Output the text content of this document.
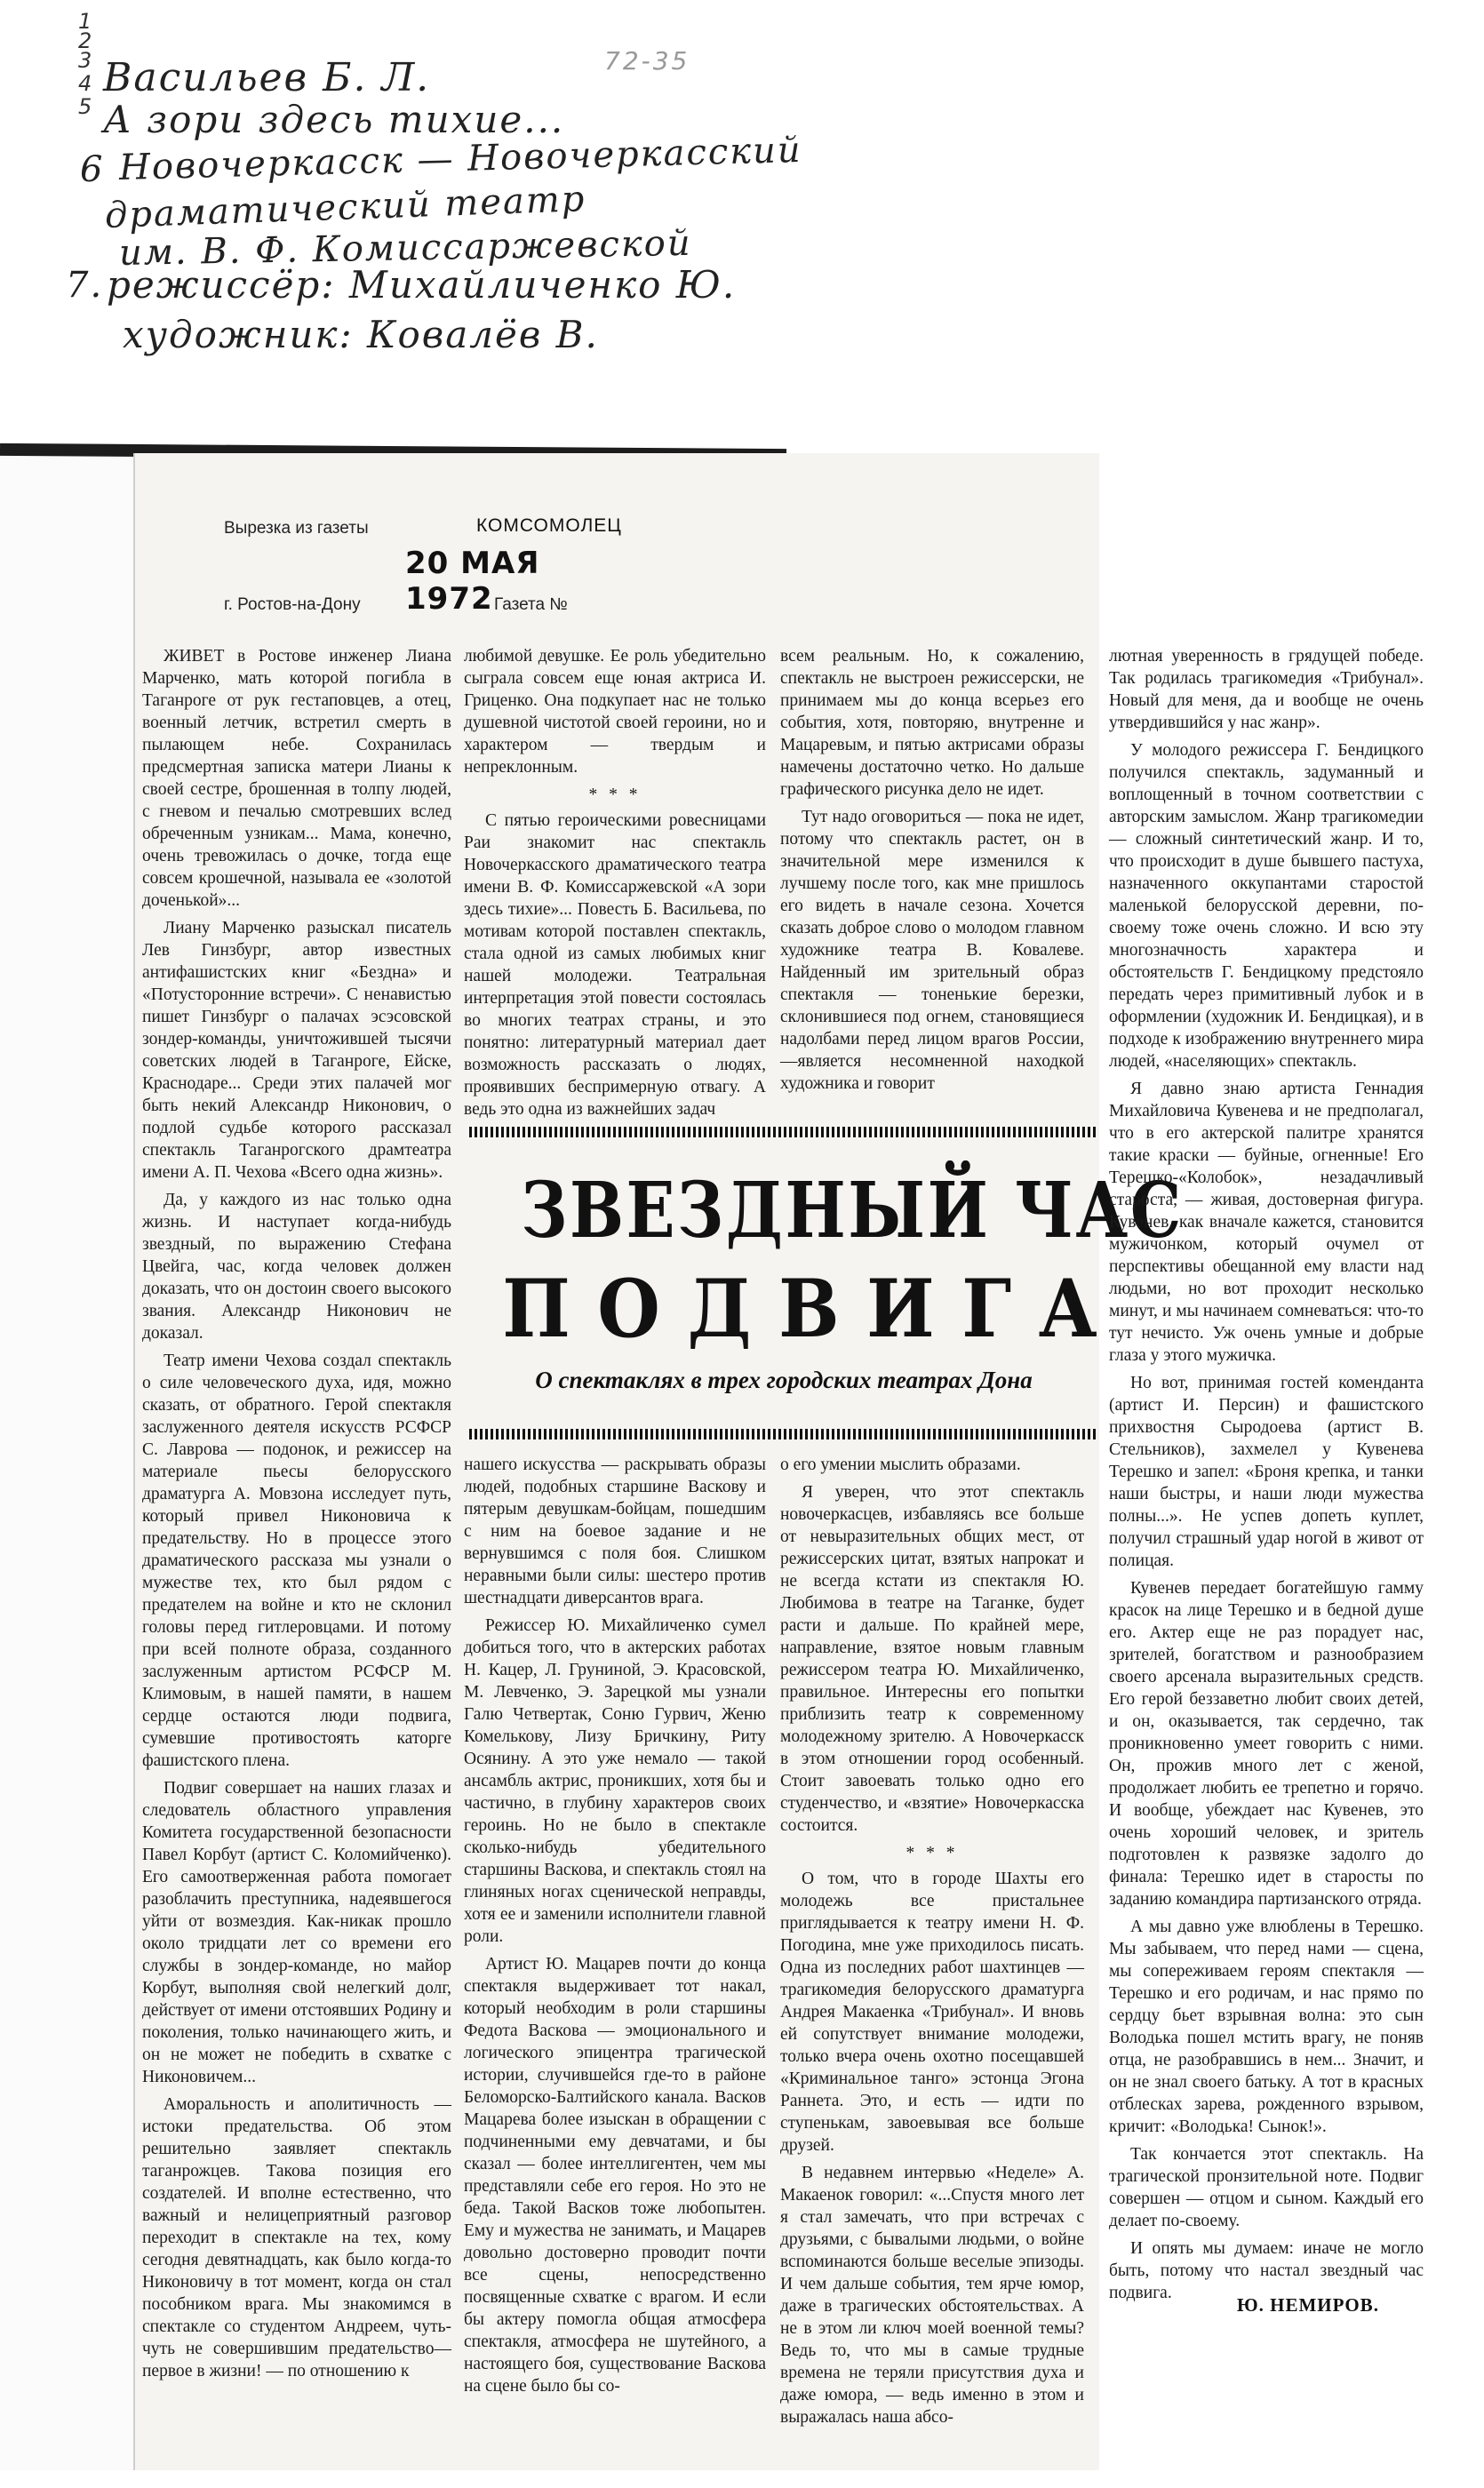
1
2
3
4
5
72-35
Васильев Б. Л.
А зори здесь тихие...
6 Новочеркасск — Новочеркасский
драматический театр
им. В. Ф. Комиссаржевской
7. режиссёр: Михайличенко Ю.
художник: Ковалёв В.
Вырезка из газеты	КОМСОМОЛЕЦ
20 МАЯ 1972
г. Ростов-на-Дону	Газета №

ЖИВЕТ в Ростове инженер Лиана Марченко, мать которой погибла в Таганроге от рук гестаповцев, а отец, военный летчик, встретил смерть в пылающем небе. Сохранилась предсмертная записка матери Лианы к своей сестре, брошенная в толпу людей, с гневом и печалью смотревших вслед обреченным узникам... Мама, конечно, очень тревожилась о дочке, тогда еще совсем крошечной, называла ее «золотой доченькой»...

Лиану Марченко разыскал писатель Лев Гинзбург, автор известных антифашистских книг «Бездна» и «Потусторонние встречи». С ненавистью пишет Гинзбург о палачах эсэсовской зондер-команды, уничтожившей тысячи советских людей в Таганроге, Ейске, Краснодаре... Среди этих палачей мог быть некий Александр Никонович, о подлой судьбе которого рассказал спектакль Таганрогского драмтеатра имени А. П. Чехова «Всего одна жизнь».

Да, у каждого из нас только одна жизнь. И наступает когда-нибудь звездный, по выражению Стефана Цвейга, час, когда человек должен доказать, что он достоин своего высокого звания. Александр Никонович не доказал.

Театр имени Чехова создал спектакль о силе человеческого духа, идя, можно сказать, от обратного. Герой спектакля заслуженного деятеля искусств РСФСР С. Лаврова — подонок, и режиссер на материале пьесы белорусского драматурга А. Мовзона исследует путь, который привел Никоновича к предательству. Но в процессе этого драматического рассказа мы узнали о мужестве тех, кто был рядом с предателем на войне и кто не склонил головы перед гитлеровцами. И потому при всей полноте образа, созданного заслуженным артистом РСФСР М. Климовым, в нашей памяти, в нашем сердце остаются люди подвига, сумевшие противостоять каторге фашистского плена.

Подвиг совершает на наших глазах и следователь областного управления Комитета государственной безопасности Павел Корбут (артист С. Коломийченко). Его самоотверженная работа помогает разоблачить преступника, надеявшегося уйти от возмездия. Как-никак прошло около тридцати лет со времени его службы в зондер-команде, но майор Корбут, выполняя свой нелегкий долг, действует от имени отстоявших Родину и поколения, только начинающего жить, и он не может не победить в схватке с Никоновичем...

Аморальность и аполитичность — истоки предательства. Об этом решительно заявляет спектакль таганрожцев. Такова позиция его создателей. И вполне естественно, что важный и нелицеприятный разговор переходит в спектакле на тех, кому сегодня девятнадцать, как было когда-то Никоновичу в тот момент, когда он стал пособником врага. Мы знакомимся в спектакле со студентом Андреем, чуть-чуть не совершившим предательство—первое в жизни! — по отношению к

любимой девушке. Ее роль убедительно сыграла совсем еще юная актриса И. Гриценко. Она подкупает нас не только душевной чистотой своей героини, но и характером — твердым и непреклонным.

* * *

С пятью героическими ровесницами Раи знакомит нас спектакль Новочеркасского драматического театра имени В. Ф. Комиссаржевской «А зори здесь тихие»... Повесть Б. Васильева, по мотивам которой поставлен спектакль, стала одной из самых любимых книг нашей молодежи. Театральная интерпретация этой повести состоялась во многих театрах страны, и это понятно: литературный материал дает возможность рассказать о людях, проявивших беспримерную отвагу. А ведь это одна из важнейших задач

всем реальным. Но, к сожалению, спектакль не выстроен режиссерски, не принимаем мы до конца всерьез его события, хотя, повторяю, внутренне и Мацаревым, и пятью актрисами образы намечены достаточно четко. Но дальше графического рисунка дело не идет.

Тут надо оговориться — пока не идет, потому что спектакль растет, он в значительной мере изменился к лучшему после того, как мне пришлось его видеть в начале сезона. Хочется сказать доброе слово о молодом главном художнике театра В. Ковалеве. Найденный им зрительный образ спектакля — тоненькие березки, склонившиеся под огнем, становящиеся надолбами перед лицом врагов России,—является несомненной находкой художника и говорит

ЗВЕЗДНЫЙ ЧАС
ПОДВИГА
О спектаклях в трех городских театрах Дона

нашего искусства — раскрывать образы людей, подобных старшине Васкову и пятерым девушкам-бойцам, пошедшим с ним на боевое задание и не вернувшимся с поля боя. Слишком неравными были силы: шестеро против шестнадцати диверсантов врага.

Режиссер Ю. Михайличенко сумел добиться того, что в актерских работах Н. Кацер, Л. Груниной, Э. Красовской, М. Левченко, Э. Зарецкой мы узнали Галю Четвертак, Соню Гурвич, Женю Комелькову, Лизу Бричкину, Риту Осянину. А это уже немало — такой ансамбль актрис, проникших, хотя бы и частично, в глубину характеров своих героинь. Но не было в спектакле сколько-нибудь убедительного старшины Васкова, и спектакль стоял на глиняных ногах сценической неправды, хотя ее и заменили исполнители главной роли.

Артист Ю. Мацарев почти до конца спектакля выдерживает тот накал, который необходим в роли старшины Федота Васкова — эмоционального и логического эпицентра трагической истории, случившейся где-то в районе Беломорско-Балтийского канала. Васков Мацарева более изыскан в обращении с подчиненными ему девчатами, и бы сказал — более интеллигентен, чем мы представляли себе его героя. Но это не беда. Такой Васков тоже любопытен. Ему и мужества не занимать, и Мацарев довольно достоверно проводит почти все сцены, непосредственно посвященные схватке с врагом. И если бы актеру помогла общая атмосфера спектакля, атмосфера не шутейного, а настоящего боя, существование Васкова на сцене было бы со-

о его умении мыслить образами.

Я уверен, что этот спектакль новочеркасцев, избавляясь все больше от невыразительных общих мест, от режиссерских цитат, взятых напрокат и не всегда кстати из спектакля Ю. Любимова в театре на Таганке, будет расти и дальше. По крайней мере, направление, взятое новым главным режиссером театра Ю. Михайличенко, правильное. Интересны его попытки приблизить театр к современному молодежному зрителю. А Новочеркасск в этом отношении город особенный. Стоит завоевать только одно его студенчество, и «взятие» Новочеркасска состоится.

* * *

О том, что в городе Шахты его молодежь все пристальнее приглядывается к театру имени Н. Ф. Погодина, мне уже приходилось писать. Одна из последних работ шахтинцев — трагикомедия белорусского драматурга Андрея Макаенка «Трибунал». И вновь ей сопутствует внимание молодежи, только вчера очень охотно посещавшей «Криминальное танго» эстонца Эгона Раннета. Это, и есть — идти по ступенькам, завоевывая все больше друзей.

В недавнем интервью «Неделе» А. Макаенок говорил: «...Спустя много лет я стал замечать, что при встречах с друзьями, с бывалыми людьми, о войне вспоминаются больше веселые эпизоды. И чем дальше события, тем ярче юмор, даже в трагических обстоятельствах. А не в этом ли ключ моей военной темы? Ведь то, что мы в самые трудные времена не теряли присутствия духа и даже юмора, — ведь именно в этом и выражалась наша абсо-

лютная уверенность в грядущей победе. Так родилась трагикомедия «Трибунал». Новый для меня, да и вообще не очень утвердившийся у нас жанр».

У молодого режиссера Г. Бендицкого получился спектакль, задуманный и воплощенный в точном соответствии с авторским замыслом. Жанр трагикомедии — сложный синтетический жанр. И то, что происходит в душе бывшего пастуха, назначенного оккупантами старостой маленькой белорусской деревни, по-своему тоже очень сложно. И всю эту многозначность характера и обстоятельств Г. Бендицкому предстояло передать через примитивный лубок и в оформлении (художник И. Бендицкая), и в подходе к изображению внутреннего мира людей, «населяющих» спектакль.

Я давно знаю артиста Геннадия Михайловича Кувенева и не предполагал, что в его актерской палитре хранятся такие краски — буйные, огненные! Его Терешко-«Колобок», незадачливый староста, — живая, достоверная фигура. Кувенев, как вначале кажется, становится мужичонком, который очумел от перспективы обещанной ему власти над людьми, но вот проходит несколько минут, и мы начинаем сомневаться: что-то тут нечисто. Уж очень умные и добрые глаза у этого мужичка.

Но вот, принимая гостей коменданта (артист И. Персин) и фашистского прихвостня Сыродоева (артист В. Стельников), захмелел у Кувенева Терешко и запел: «Броня крепка, и танки наши быстры, и наши люди мужества полны...». Не успев допеть куплет, получил страшный удар ногой в живот от полицая.

Кувенев передает богатейшую гамму красок на лице Терешко и в бедной душе его. Актер еще не раз порадует нас, зрителей, богатством и разнообразием своего арсенала выразительных средств. Его герой беззаветно любит своих детей, и он, оказывается, так сердечно, так проникновенно умеет говорить с ними. Он, прожив много лет с женой, продолжает любить ее трепетно и горячо. И вообще, убеждает нас Кувенев, это очень хороший человек, и зритель подготовлен к развязке задолго до финала: Терешко идет в старосты по заданию командира партизанского отряда.

А мы давно уже влюблены в Терешко. Мы забываем, что перед нами — сцена, мы сопереживаем героям спектакля — Терешко и его родичам, и нас прямо по сердцу бьет взрывная волна: это сын Володька пошел мстить врагу, не поняв отца, не разобравшись в нем... Значит, и он не знал своего батьку. А тот в красных отблесках зарева, рожденного взрывом, кричит: «Володька! Сынок!».

Так кончается этот спектакль. На трагической пронзительной ноте. Подвиг совершен — отцом и сыном. Каждый его делает по-своему.

И опять мы думаем: иначе не могло быть, потому что настал звездный час подвига.

Ю. НЕМИРОВ.
